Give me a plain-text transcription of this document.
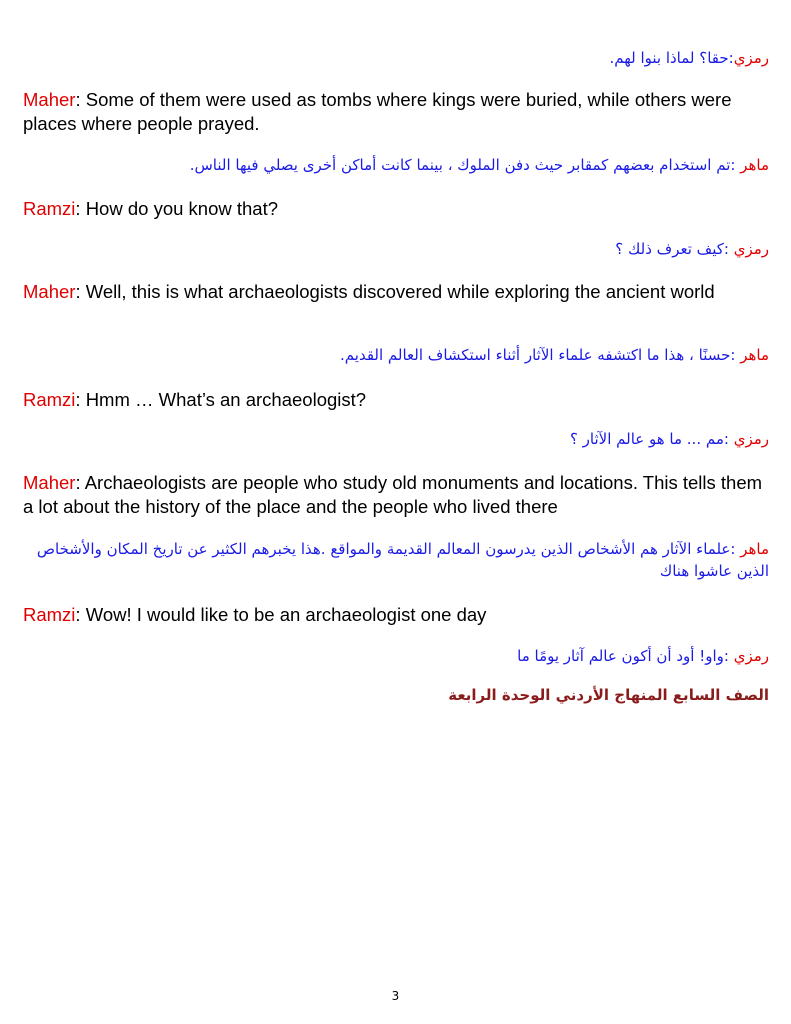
رمزي:حقا؟ لماذا بنوا لهم.
Maher: Some of them were used as tombs where kings were buried, while others were places where people prayed.
ماهر :تم استخدام بعضهم كمقابر حيث دفن الملوك ، بينما كانت أماكن أخرى يصلي فيها الناس.
Ramzi: How do you know that?
رمزي :كيف تعرف ذلك ؟
Maher: Well, this is what archaeologists discovered while exploring the ancient world
ماهر :حسنًا ، هذا ما اكتشفه علماء الآثار أثناء استكشاف العالم القديم.
Ramzi: Hmm … What’s an archaeologist?
رمزي :مم ... ما هو عالم الآثار ؟
Maher: Archaeologists are people who study old monuments and locations. This tells them a lot about the history of the place and the people who lived there
ماهر :علماء الآثار هم الأشخاص الذين يدرسون المعالم القديمة والمواقع .هذا يخبرهم الكثير عن تاريخ المكان والأشخاص الذين عاشوا هناك
Ramzi: Wow! I would like to be an archaeologist one day
رمزي :واو! أود أن أكون عالم آثار يومًا ما
الصف السابع المنهاج الأردني الوحدة الرابعة
3
